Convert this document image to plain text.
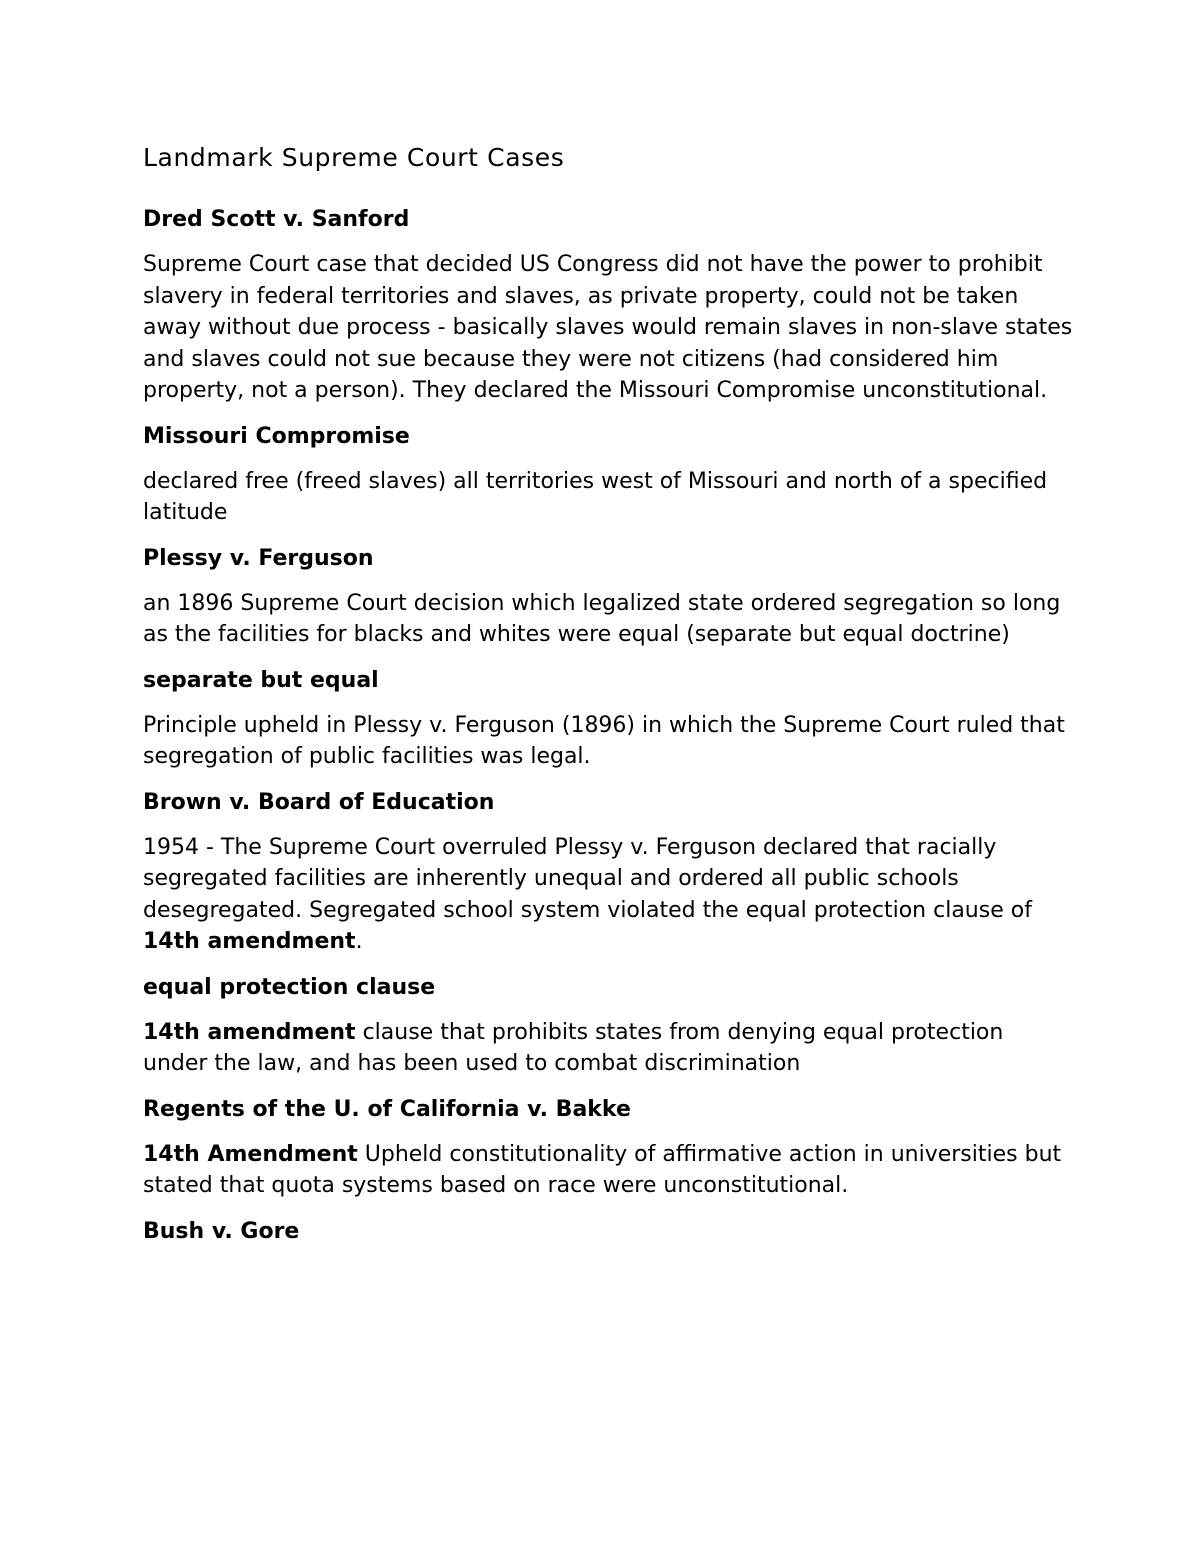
Landmark Supreme Court Cases

Dred Scott v. Sanford

Supreme Court case that decided US Congress did not have the power to prohibit slavery in federal territories and slaves, as private property, could not be taken away without due process - basically slaves would remain slaves in non-slave states and slaves could not sue because they were not citizens (had considered him property, not a person). They declared the Missouri Compromise unconstitutional.

Missouri Compromise

declared free (freed slaves) all territories west of Missouri and north of a specified latitude

Plessy v. Ferguson

an 1896 Supreme Court decision which legalized state ordered segregation so long as the facilities for blacks and whites were equal (separate but equal doctrine)

separate but equal

Principle upheld in Plessy v. Ferguson (1896) in which the Supreme Court ruled that segregation of public facilities was legal.

Brown v. Board of Education

1954 - The Supreme Court overruled Plessy v. Ferguson declared that racially segregated facilities are inherently unequal and ordered all public schools desegregated. Segregated school system violated the equal protection clause of 14th amendment.

equal protection clause

14th amendment clause that prohibits states from denying equal protection under the law, and has been used to combat discrimination

Regents of the U. of California v. Bakke

14th Amendment Upheld constitutionality of affirmative action in universities but stated that quota systems based on race were unconstitutional.

Bush v. Gore
